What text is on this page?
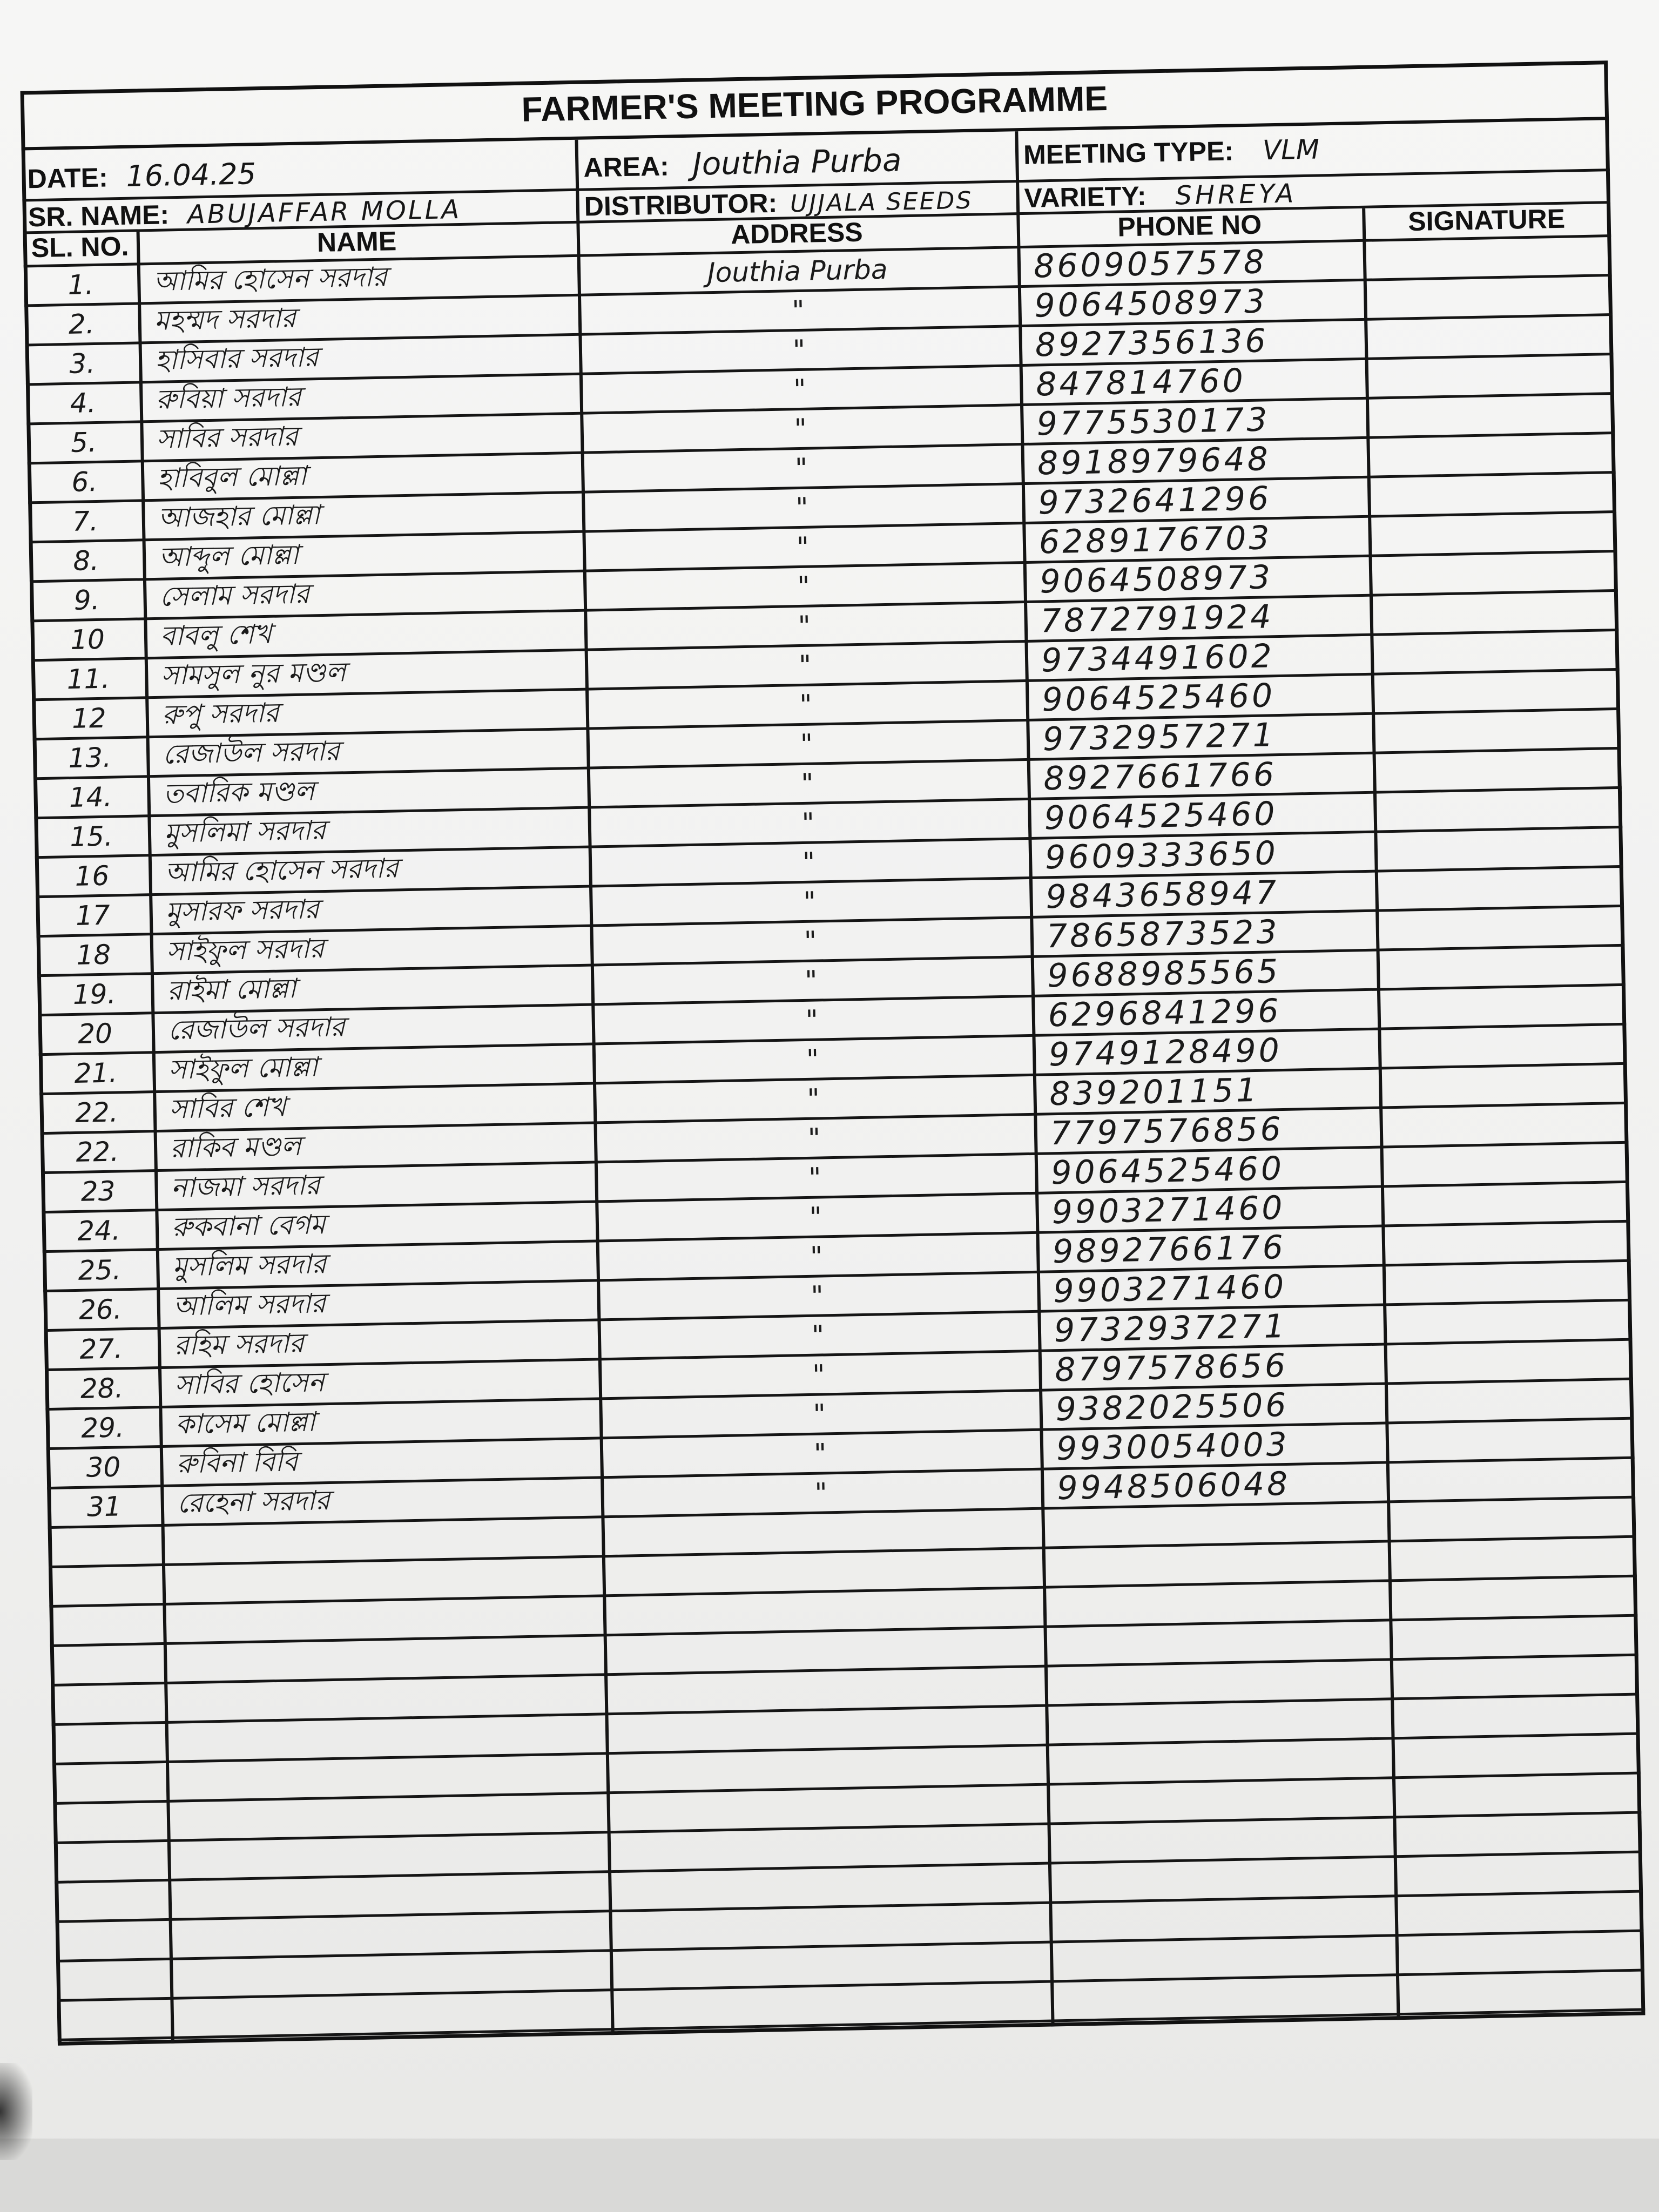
FARMER'S MEETING PROGRAMME
DATE: 16.04.25	AREA: Jouthia Purba	MEETING TYPE: VLM
SR. NAME: ABUJAFFAR MOLLA	DISTRIBUTOR: UJJALA SEEDS VARIETY: SHREYA
SL. NO.	NAME	ADDRESS	PHONE NO	SIGNATURE
1.	আমির হোসেন সরদার	Jouthia Purba	8609057578
2.	মহম্মদ সরদার	"	9064508973
3.	হাসিবার সরদার	"	8927356136
4.	রুবিয়া সরদার	"	847814760
5.	সাবির সরদার	"	9775530173
6.	হাবিবুল মোল্লা	"	8918979648
7.	আজহার মোল্লা	"	9732641296
8.	আব্দুল মোল্লা	"	6289176703
9.	সেলাম সরদার	"	9064508973
10	বাবলু শেখ	"	7872791924
11.	সামসুল নুর মণ্ডল	"	9734491602
12	রুপু সরদার	"	9064525460
13.	রেজাউল সরদার	"	9732957271
14.	তবারিক মণ্ডল	"	8927661766
15.	মুসলিমা সরদার	"	9064525460
16	আমির হোসেন সরদার	"	9609333650
17	মুসারফ সরদার	"	9843658947
18	সাইফুল সরদার	"	7865873523
19.	রাইমা মোল্লা	"	9688985565
20	রেজাউল সরদার	"	6296841296
21.	সাইফুল মোল্লা	"	9749128490
22.	সাবির শেখ	"	839201151
22.	রাকিব মণ্ডল	"	7797576856
23	নাজমা সরদার	"	9064525460
24.	রুকবানা বেগম	"	9903271460
25.	মুসলিম সরদার	"	9892766176
26.	আলিম সরদার	"	9903271460
27.	রহিম সরদার	"	9732937271
28.	সাবির হোসেন	"	8797578656
29.	কাসেম মোল্লা	"	9382025506
30	রুবিনা বিবি	"	9930054003
31	রেহেনা সরদার	"	9948506048
